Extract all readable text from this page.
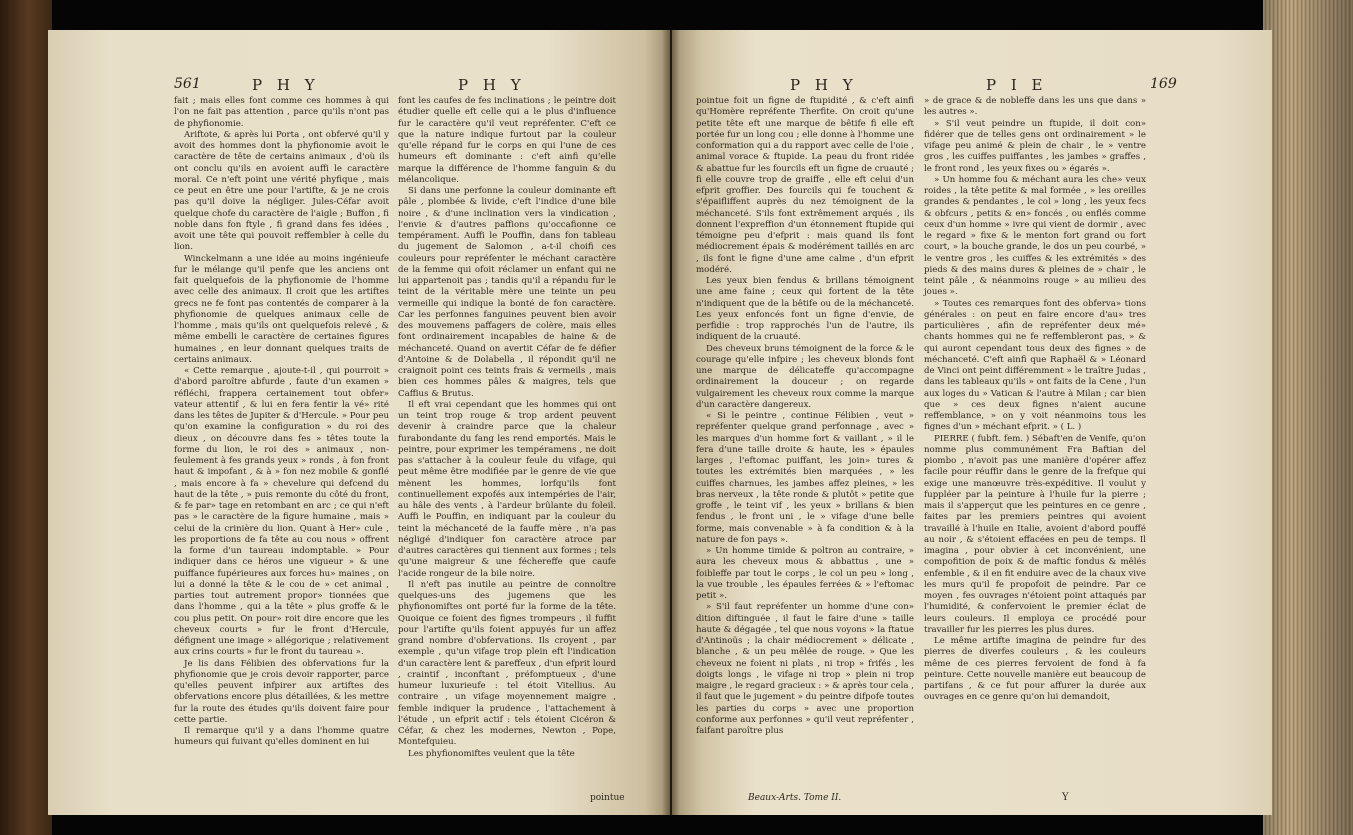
561	P H Y	P H Y

fait ; mais elles font comme ces hommes à qui l'on ne fait pas attention , parce qu'ils n'ont pas de phyfionomie.

Ariftote, & après lui Porta , ont obfervé qu'il y avoit des hommes dont la phyfionomie avoit le caractère de tête de certains animaux , d'où ils ont conclu qu'ils en avoient auffi le caractère moral. Ce n'eft point une vérité phyfique , mais ce peut en être une pour l'artifte, & je ne crois pas qu'il doive la négliger. Jules-Céfar avoit quelque chofe du caractère de l'aigle ; Buffon , fi noble dans fon ftyle , fi grand dans fes idées , avoit une tête qui pouvoit reffembler à celle du lion.

Winckelmann a une idée au moins ingénieufe fur le mélange qu'il penfe que les anciens ont fait quelquefois de la phyfionomie de l'homme avec celle des animaux. Il croit que les artiftes grecs ne fe font pas contentés de comparer à la phyfionomie de quelques animaux celle de l'homme , mais qu'ils ont quelquefois relevé , & même embelli le caractère de certaines figures humaines , en leur donnant quelques traits de certains animaux.

« Cette remarque , ajoute-t-il , qui pourroit » d'abord paroître abfurde , faute d'un examen » réfléchi, frappera certainement tout obfer» vateur attentif , & lui en fera fentir la vé» rité dans les têtes de Jupiter & d'Hercule. » Pour peu qu'on examine la configuration » du roi des dieux , on découvre dans fes » têtes toute la forme du lion, le roi des » animaux , non-feulement à fes grands yeux » ronds , à fon front haut & impofant , & à » fon nez mobile & gonflé , mais encore à fa » chevelure qui defcend du haut de la tête , » puis remonte du côté du front, & fe par» tage en retombant en arc ; ce qui n'eft pas » le caractère de la figure humaine , mais » celui de la crinière du lion. Quant à Her» cule , les proportions de fa tête au cou nous » offrent la forme d'un taureau indomptable. » Pour indiquer dans ce héros une vigueur » & une puiffance fupérieures aux forces hu» maines , on lui a donné la tête & le cou de » cet animal , parties tout autrement propor» tionnées que dans l'homme , qui a la tête » plus groffe & le cou plus petit. On pour» roit dire encore que les cheveux courts » fur le front d'Hercule, défignent une image » allégorique ; relativement aux crins courts » fur le front du taureau ».

Je lis dans Félibien des obfervations fur la phyfionomie que je crois devoir rapporter, parce qu'elles peuvent infpirer aux artiftes des obfervations encore plus détaillées, & les mettre fur la route des études qu'ils doivent faire pour cette partie.

Il remarque qu'il y a dans l'homme quatre humeurs qui fuivant qu'elles dominent en lui

font les caufes de fes inclinations ; le peintre doit étudier quelle eft celle qui a le plus d'influence fur le caractère qu'il veut repréfenter. C'eft ce que la nature indique furtout par la couleur qu'elle répand fur le corps en qui l'une de ces humeurs eft dominante : c'eft ainfi qu'elle marque la différence de l'homme fanguin & du mélancolique.

Si dans une perfonne la couleur dominante eft pâle , plombée & livide, c'eft l'indice d'une bile noire , & d'une inclination vers la vindication , l'envie & d'autres paffions qu'occafionne ce tempérament. Auffi le Pouffin, dans fon tableau du jugement de Salomon , a-t-il choifi ces couleurs pour repréfenter le méchant caractère de la femme qui ofoit réclamer un enfant qui ne lui appartenoit pas ; tandis qu'il a répandu fur le teint de la véritable mère une teinte un peu vermeille qui indique la bonté de fon caractère. Car les perfonnes fanguines peuvent bien avoir des mouvemens paffagers de colère, mais elles font ordinairement incapables de haine & de méchanceté. Quand on avertit Céfar de fe défier d'Antoine & de Dolabella , il répondit qu'il ne craignoit point ces teints frais & vermeils , mais bien ces hommes pâles & maigres, tels que Caffius & Brutus.

Il eft vrai cependant que les hommes qui ont un teint trop rouge & trop ardent peuvent devenir à craindre parce que la chaleur furabondante du fang les rend emportés. Mais le peintre, pour exprimer les tempéramens , ne doit pas s'attacher à la couleur feule du vifage, qui peut même être modifiée par le genre de vie que mènent les hommes, lorfqu'ils font continuellement expofés aux intempéries de l'air, au hâle des vents , à l'ardeur brûlante du foleil. Auffi le Pouffin, en indiquant par la couleur du teint la méchanceté de la fauffe mère , n'a pas négligé d'indiquer fon caractère atroce par d'autres caractères qui tiennent aux formes ; tels qu'une maigreur & une féchereffe que caufe l'acide rongeur de la bile noire.

Il n'eft pas inutile au peintre de connoître quelques-uns des jugemens que les phyfionomiftes ont porté fur la forme de la tête. Quoique ce foient des fignes trompeurs , il fuffit pour l'artifte qu'ils foient appuyés fur un affez grand nombre d'obfervations. Ils croyent , par exemple , qu'un vifage trop plein eft l'indication d'un caractère lent & pareffeux , d'un efprit lourd , craintif , inconftant , préfomptueux , d'une humeur luxurieufe : tel étoit Vitellius. Au contraire , un vifage moyennement maigre , femble indiquer la prudence , l'attachement à l'étude , un efprit actif : tels étoient Cicéron & Céfar, & chez les modernes, Newton , Pope, Montefquieu.

Les phyfionomiftes veulent que la tête

pointue
P H Y	P I E	169

pointue foit un figne de ftupidité , & c'eft ainfi qu'Homère repréfente Therfite. On croit qu'une petite tête eft une marque de bêtife fi elle eft portée fur un long cou ; elle donne à l'homme une conformation qui a du rapport avec celle de l'oie , animal vorace & ftupide. La peau du front ridée & abattue fur les fourcils eft un figne de cruauté ; fi elle couvre trop de graiffe , elle eft celui d'un efprit groffier. Des fourcils qui fe touchent & s'épaifliffent auprès du nez témoignent de la méchanceté. S'ils font extrêmement arqués , ils donnent l'expreffion d'un étonnement ftupide qui témoigne peu d'efprit : mais quand ils font médiocrement épais & modérément taillés en arc , ils font le figne d'une ame calme , d'un efprit modéré.

Les yeux bien fendus & brillans témoignent une ame faine ; ceux qui fortent de la tête n'indiquent que de la bêtife ou de la méchanceté. Les yeux enfoncés font un figne d'envie, de perfidie : trop rapprochés l'un de l'autre, ils indiquent de la cruauté.

Des cheveux bruns témoignent de la force & le courage qu'elle infpire ; les cheveux blonds font une marque de délicateffe qu'accompagne ordinairement la douceur ; on regarde vulgairement les cheveux roux comme la marque d'un caractère dangereux.

« Si le peintre , continue Félibien , veut » repréfenter quelque grand perfonnage , avec » les marques d'un homme fort & vaillant , » il le fera d'une taille droite & haute, les » épaules larges , l'eftomac puiffant, les join» tures & toutes les extrémités bien marquées , » les cuiffes charnues, les jambes affez pleines, » les bras nerveux , la tête ronde & plutôt » petite que groffe , le teint vif , les yeux » brillans & bien fendus , le front uni , le » vifage d'une belle forme, mais convenable » à fa condition & à la nature de fon pays ».

» Un homme timide & poltron au contraire, » aura les cheveux mous & abbattus , une » foibleffe par tout le corps , le col un peu » long , la vue trouble , les épaules ferrées & » l'eftomac petit ».

» S'il faut repréfenter un homme d'une con» dition diftinguée , il faut le faire d'une » taille haute & dégagée , tel que nous voyons » la ftatue d'Antinoüs ; la chair médiocrement » délicate , blanche , & un peu mêlée de rouge. » Que les cheveux ne foient ni plats , ni trop » frifés , les doigts longs , le vifage ni trop » plein ni trop maigre , le regard gracieux : » & après tour cela , il faut que le jugement » du peintre difpofe toutes les parties du corps » avec une proportion conforme aux perfonnes » qu'il veut repréfenter , faifant paroître plus

» de grace & de nobleffe dans les uns que dans » les autres ».

» S'il veut peindre un ftupide, il doit con» fidérer que de telles gens ont ordinairement » le vifage peu animé & plein de chair , le » ventre gros , les cuiffes puiffantes , les jambes » graffes , le front rond , les yeux fixes ou » égarés ».

» Un homme fou & méchant aura les che» veux roides , la tête petite & mal formée , » les oreilles grandes & pendantes , le col » long , les yeux fecs & obfcurs , petits & en» foncés , ou enflés comme ceux d'un homme » ivre qui vient de dormir , avec le regard » fixe & le menton fort grand ou fort court, » la bouche grande, le dos un peu courbé, » le ventre gros , les cuiffes & les extrémités » des pieds & des mains dures & pleines de » chair , le teint pâle , & néanmoins rouge » au milieu des joues ».

» Toutes ces remarques font des obferva» tions générales : on peut en faire encore d'au» tres particulières , afin de repréfenter deux mé» chants hommes qui ne fe reffembleront pas, » & qui auront cependant tous deux des fignes » de méchanceté. C'eft ainfi que Raphaël & » Léonard de Vinci ont peint différemment » le traître Judas , dans les tableaux qu'ils » ont faits de la Cene , l'un aux loges du » Vatican & l'autre à Milan ; car bien que » ces deux fignes n'aient aucune reffemblance, » on y voit néanmoins tous les fignes d'un » méchant efprit. » ( L. )

PIERRE ( fubft. fem. ) Sébaft'en de Venife, qu'on nomme plus communément Fra Baftian del piombo , n'avoit pas une manière d'opérer affez facile pour réuffir dans le genre de la frefque qui exige une manœuvre très-expéditive. Il voulut y fuppléer par la peinture à l'huile fur la pierre ; mais il s'apperçut que les peintures en ce genre , faites par les premiers peintres qui avoient travaillé à l'huile en Italie, avoient d'abord pouffé au noir , & s'étoient effacées en peu de temps. Il imagina , pour obvier à cet inconvénient, une compofition de poix & de maftic fondus & mêlés enfemble , & il en fit enduire avec de la chaux vive les murs qu'il fe propofoit de peindre. Par ce moyen , fes ouvrages n'étoient point attaqués par l'humidité, & confervoient le premier éclat de leurs couleurs. Il employa ce procédé pour travailler fur les pierres les plus dures.

Le même artifte imagina de peindre fur des pierres de diverfes couleurs , & les couleurs même de ces pierres fervoient de fond à fa peinture. Cette nouvelle manière eut beaucoup de partifans , & ce fut pour affurer la durée aux ouvrages en ce genre qu'on lui demandoit,

Beaux-Arts. Tome II.	Y
